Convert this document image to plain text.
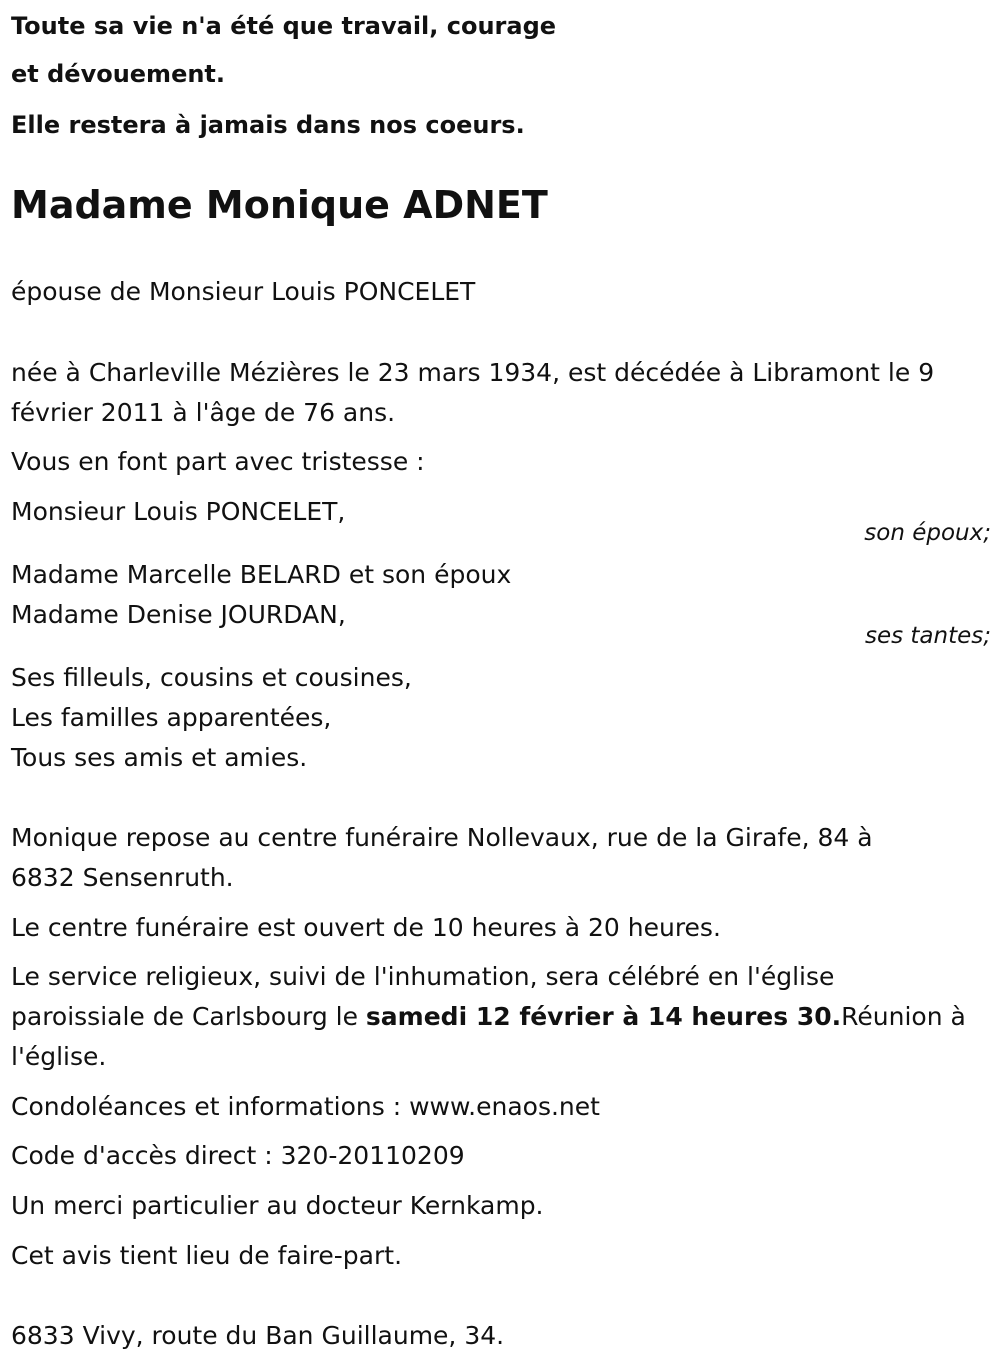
Toute sa vie n'a été que travail, courage
et dévouement.
Elle restera à jamais dans nos coeurs.
Madame Monique ADNET
épouse de Monsieur Louis PONCELET
née à Charleville Mézières le 23 mars 1934, est décédée à Libramont le 9
février 2011 à l'âge de 76 ans.
Vous en font part avec tristesse :
Monsieur Louis PONCELET,
son époux;
Madame Marcelle BELARD et son époux
Madame Denise JOURDAN,
ses tantes;
Ses filleuls, cousins et cousines,
Les familles apparentées,
Tous ses amis et amies.
Monique repose au centre funéraire Nollevaux, rue de la Girafe, 84 à
6832 Sensenruth.
Le centre funéraire est ouvert de 10 heures à 20 heures.
Le service religieux, suivi de l'inhumation, sera célébré en l'église
paroissiale de Carlsbourg le samedi 12 février à 14 heures 30.Réunion à
l'église.
Condoléances et informations : www.enaos.net
Code d'accès direct : 320-20110209
Un merci particulier au docteur Kernkamp.
Cet avis tient lieu de faire-part.
6833 Vivy, route du Ban Guillaume, 34.
